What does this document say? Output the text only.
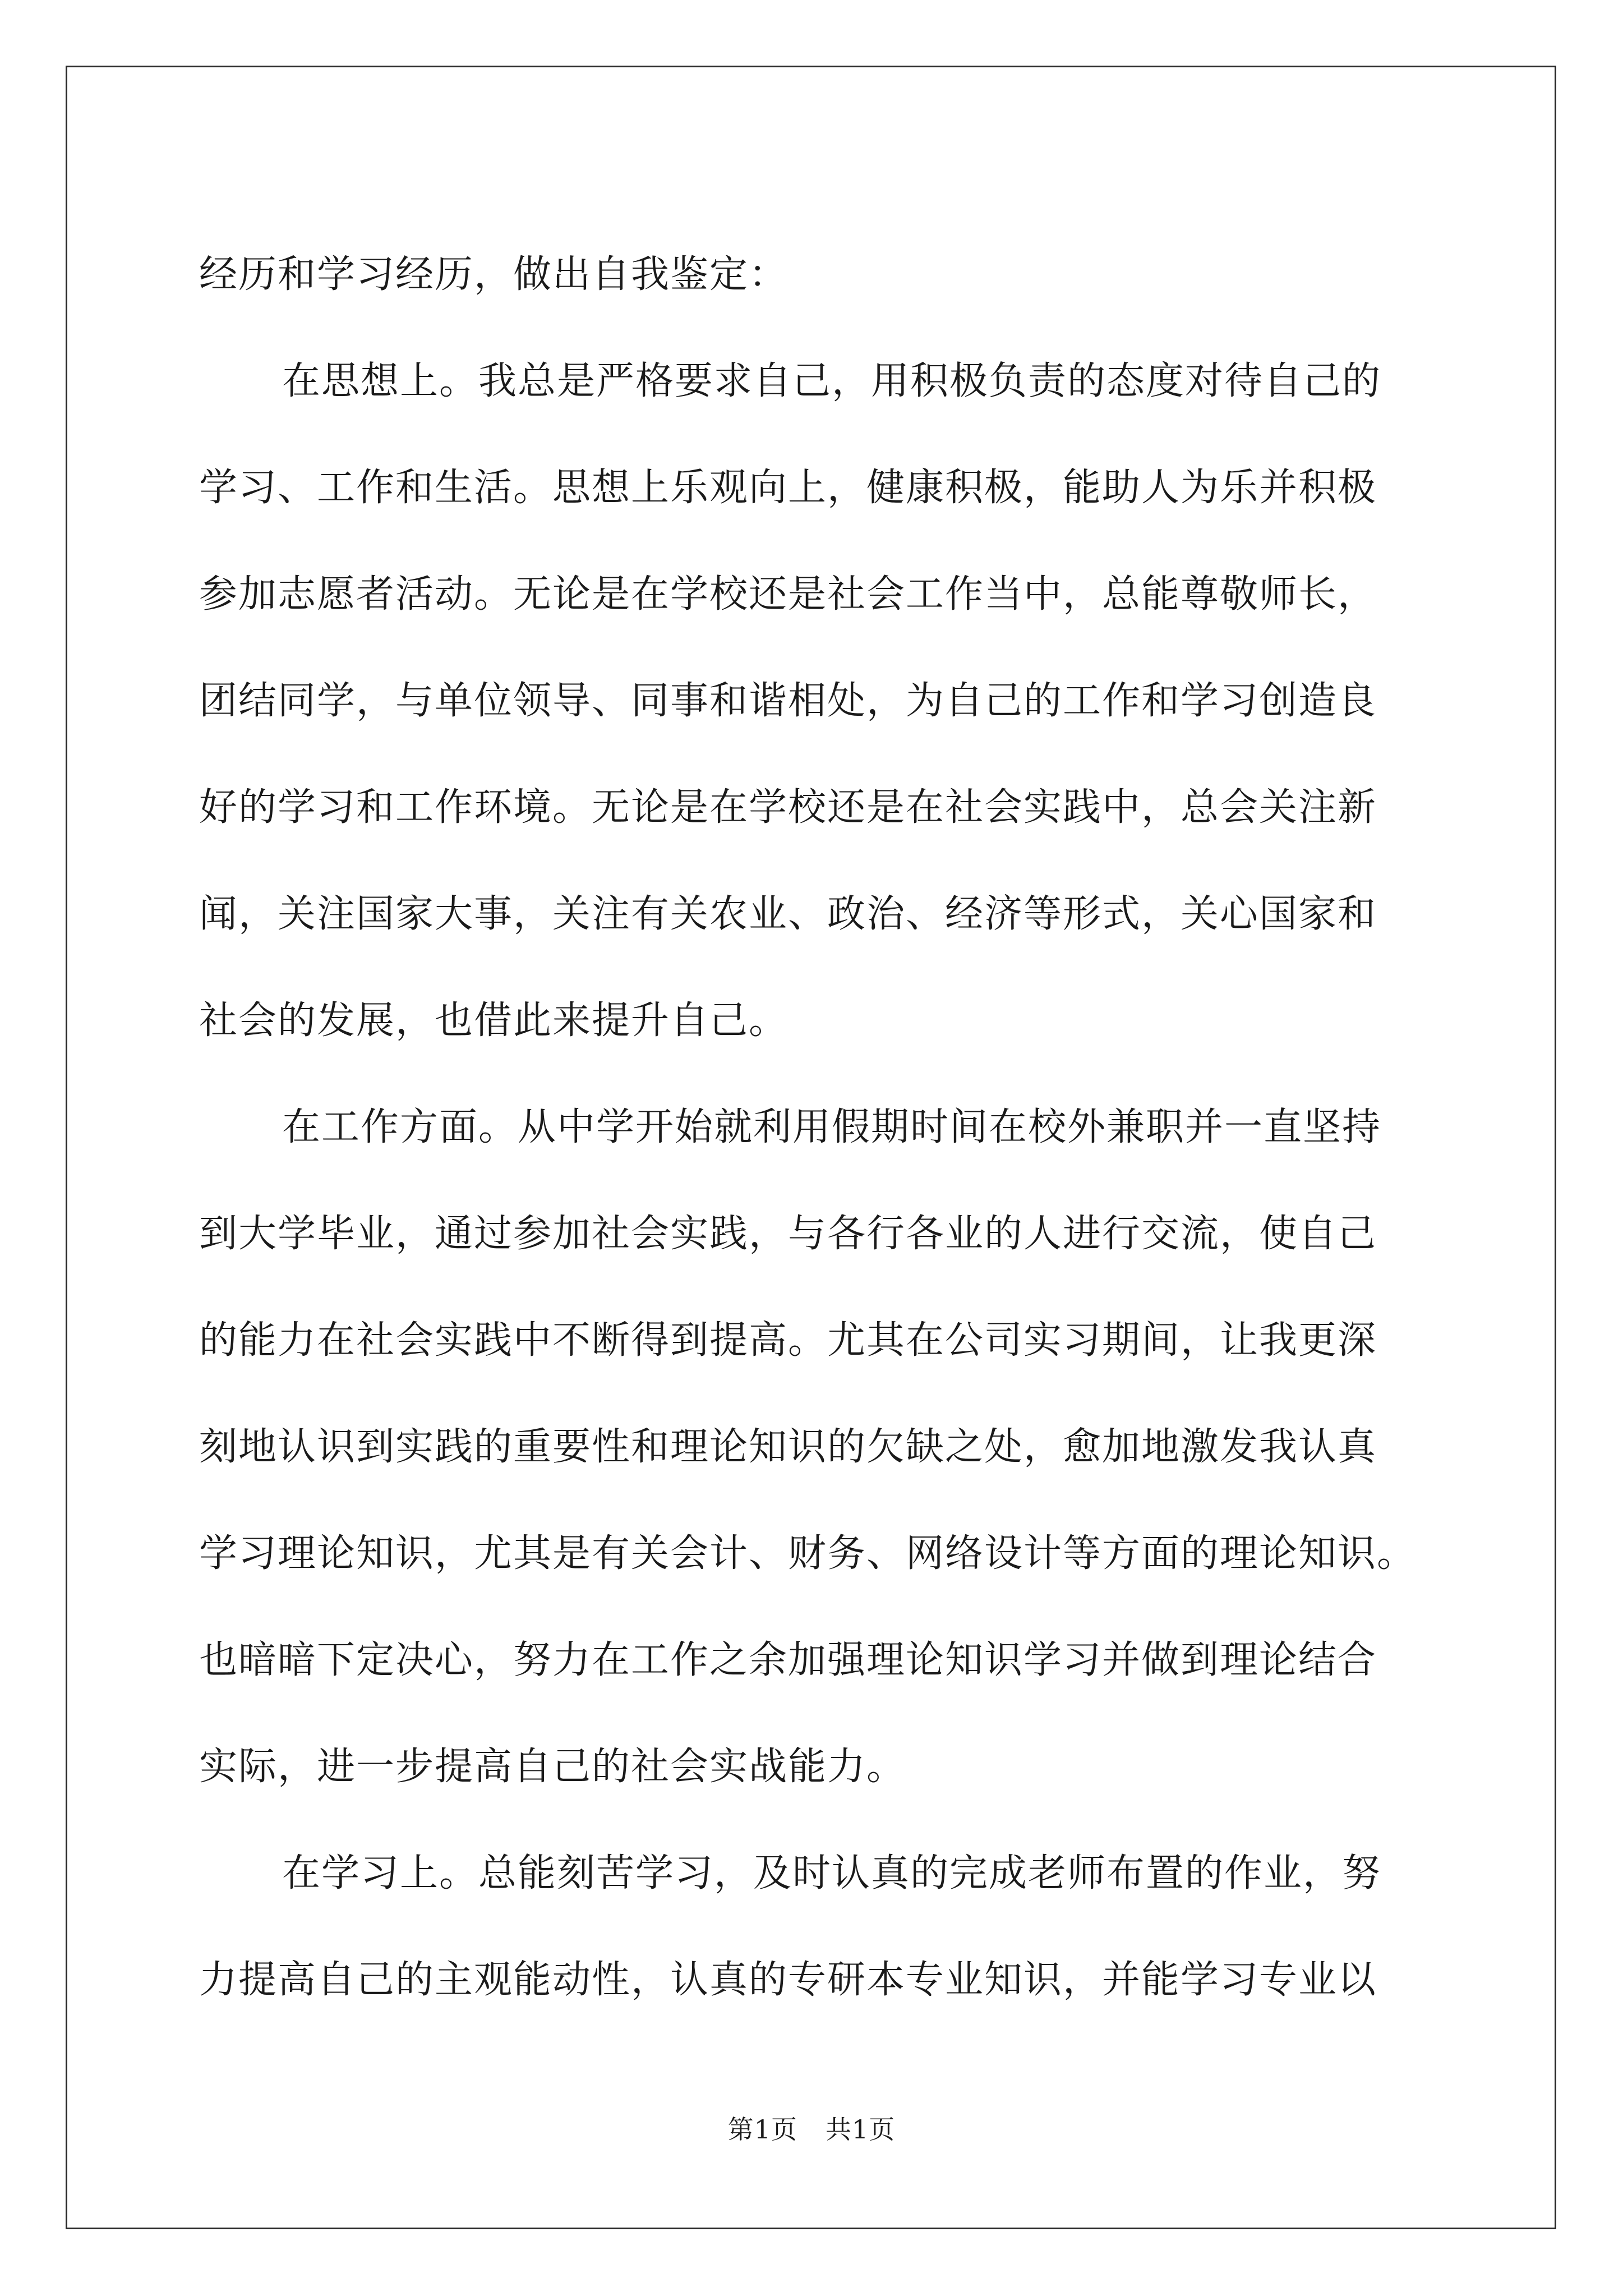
经历和学习经历，做出自我鉴定：
在思想上。我总是严格要求自己，用积极负责的态度对待自己的
学习、工作和生活。思想上乐观向上，健康积极，能助人为乐并积极
参加志愿者活动。无论是在学校还是社会工作当中，总能尊敬师长，
团结同学，与单位领导、同事和谐相处，为自己的工作和学习创造良
好的学习和工作环境。无论是在学校还是在社会实践中，总会关注新
闻，关注国家大事，关注有关农业、政治、经济等形式，关心国家和
社会的发展，也借此来提升自己。
在工作方面。从中学开始就利用假期时间在校外兼职并一直坚持
到大学毕业，通过参加社会实践，与各行各业的人进行交流，使自己
的能力在社会实践中不断得到提高。尤其在公司实习期间，让我更深
刻地认识到实践的重要性和理论知识的欠缺之处，愈加地激发我认真
学习理论知识，尤其是有关会计、财务、网络设计等方面的理论知识。
也暗暗下定决心，努力在工作之余加强理论知识学习并做到理论结合
实际，进一步提高自己的社会实战能力。
在学习上。总能刻苦学习，及时认真的完成老师布置的作业，努
力提高自己的主观能动性，认真的专研本专业知识，并能学习专业以
第1页 共1页
